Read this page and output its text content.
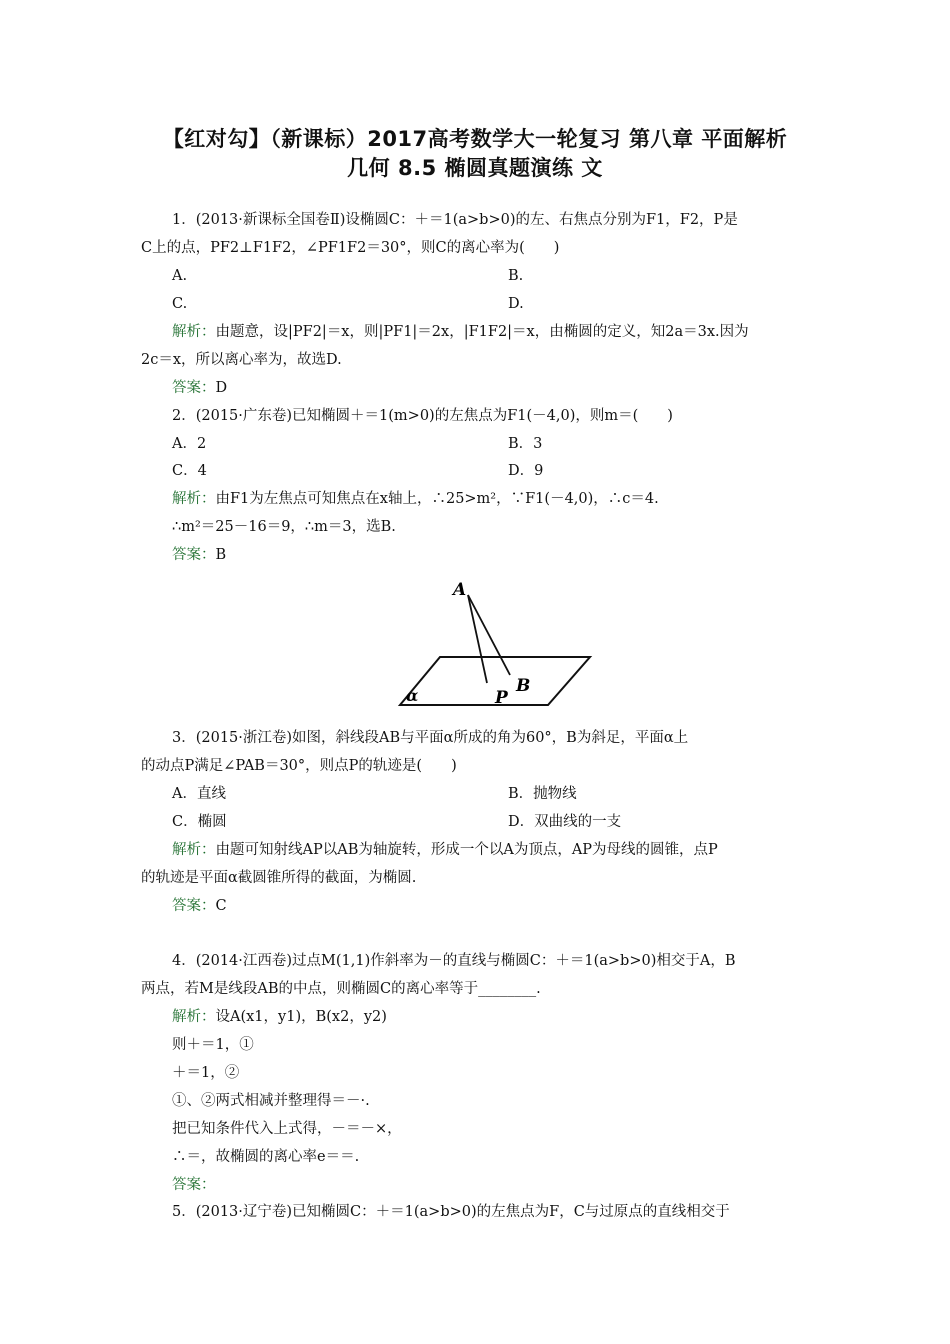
【红对勾】（新课标）2017高考数学大一轮复习 第八章 平面解析
几何 8.5 椭圆真题演练 文
1．(2013·新课标全国卷Ⅱ)设椭圆C：＋＝1(a>b>0)的左、右焦点分别为F1，F2，P是
C上的点，PF2⊥F1F2，∠PF1F2＝30°，则C的离心率为(　　)
A.	B.
C.	D.
解析：由题意，设|PF2|＝x，则|PF1|＝2x，|F1F2|＝x，由椭圆的定义，知2a＝3x.因为
2c＝x，所以离心率为，故选D.
答案：D
2．(2015·广东卷)已知椭圆＋＝1(m>0)的左焦点为F1(－4,0)，则m＝(　　)
A．2	B．3
C．4	D．9
解析：由F1为左焦点可知焦点在x轴上，∴25>m²，∵F1(－4,0)，∴c＝4.
∴m²＝25－16＝9，∴m＝3，选B.
答案：B
A
B
P
α
3．(2015·浙江卷)如图，斜线段AB与平面α所成的角为60°，B为斜足，平面α上
的动点P满足∠PAB＝30°，则点P的轨迹是(　　)
A．直线	B．抛物线
C．椭圆	D．双曲线的一支
解析：由题可知射线AP以AB为轴旋转，形成一个以A为顶点，AP为母线的圆锥，点P
的轨迹是平面α截圆锥所得的截面，为椭圆.
答案：C
4．(2014·江西卷)过点M(1,1)作斜率为－的直线与椭圆C：＋＝1(a>b>0)相交于A，B
两点，若M是线段AB的中点，则椭圆C的离心率等于________.
解析：设A(x1，y1)，B(x2，y2)
则＋＝1，①
＋＝1，②
①、②两式相减并整理得＝－·.
把已知条件代入上式得，－＝－×，
∴＝，故椭圆的离心率e＝＝.
答案：
5．(2013·辽宁卷)已知椭圆C：＋＝1(a>b>0)的左焦点为F，C与过原点的直线相交于
